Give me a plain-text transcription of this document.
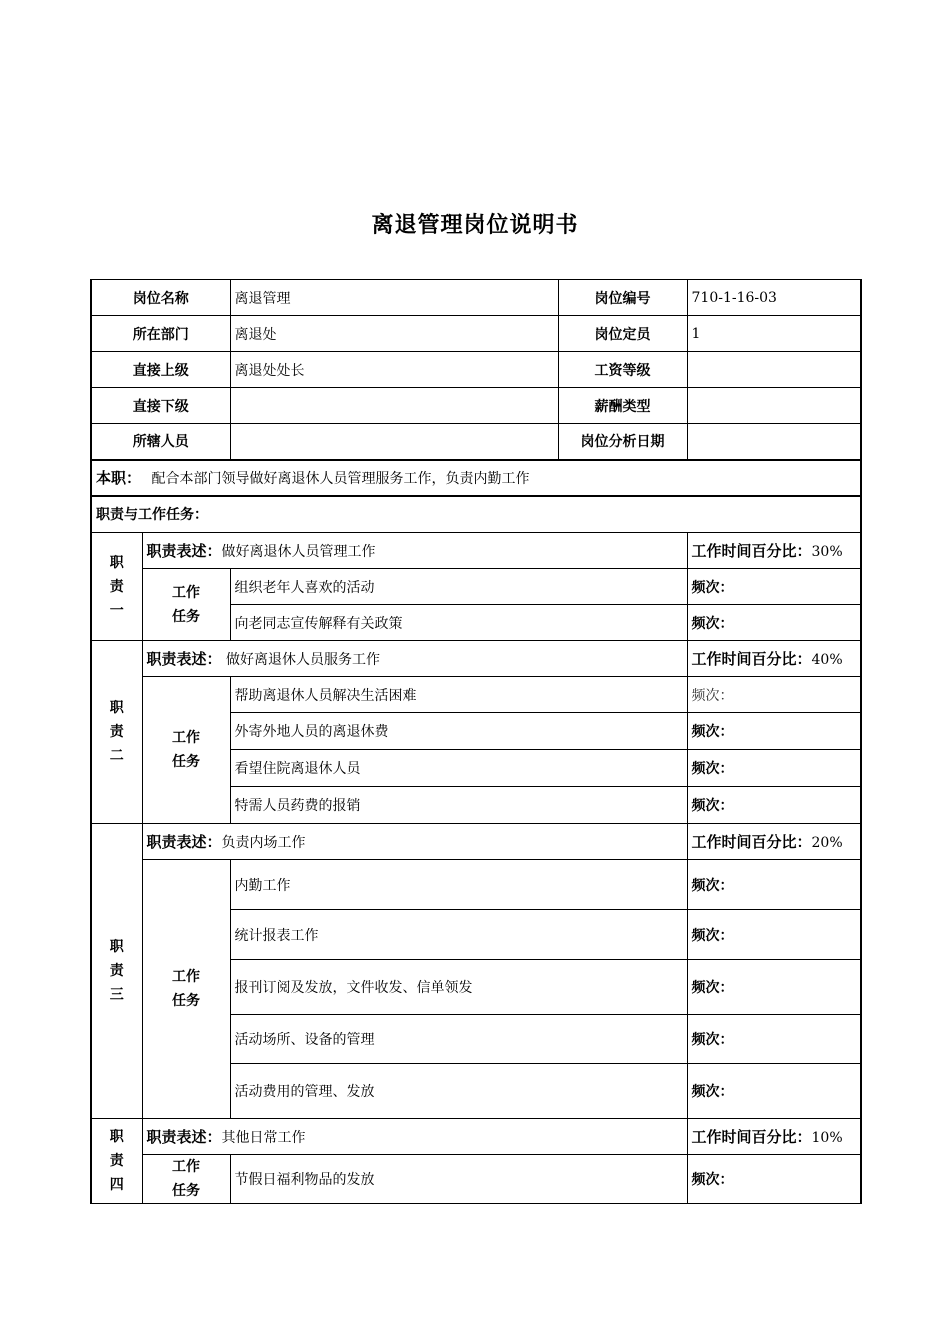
离退管理岗位说明书
岗位名称		离退管理	岗位编号	710-1-16-03
所在部门		离退处	岗位定员	1
直接上级		离退处处长	工资等级	
直接下级			薪酬类型	
所辖人员			岗位分析日期	
本职： 配合本部门领导做好离退休人员管理服务工作，负责内勤工作				
职责与工作任务：				

职
责
一	职责表述：做好离退休人员管理工作			工作时间百分比：30%

	工作
任务	组织老年人喜欢的活动		频次：
		向老同志宣传解释有关政策		频次：

职
责
二	职责表述： 做好离退休人员服务工作			工作时间百分比：40%

	工作
任务	帮助离退休人员解决生活困难		频次：
		外寄外地人员的离退休费		频次：
		看望住院离退休人员		频次：
		特需人员药费的报销		频次：

职
责
三	职责表述：负责内场工作			工作时间百分比：20%

	工作
任务	内勤工作		频次：
		统计报表工作		频次：
		报刊订阅及发放，文件收发、信单领发		频次：
		活动场所、设备的管理		频次：
		活动费用的管理、发放		频次：

职
责
四	职责表述：其他日常工作			工作时间百分比：10%

	工作
任务	节假日福利物品的发放		频次：
